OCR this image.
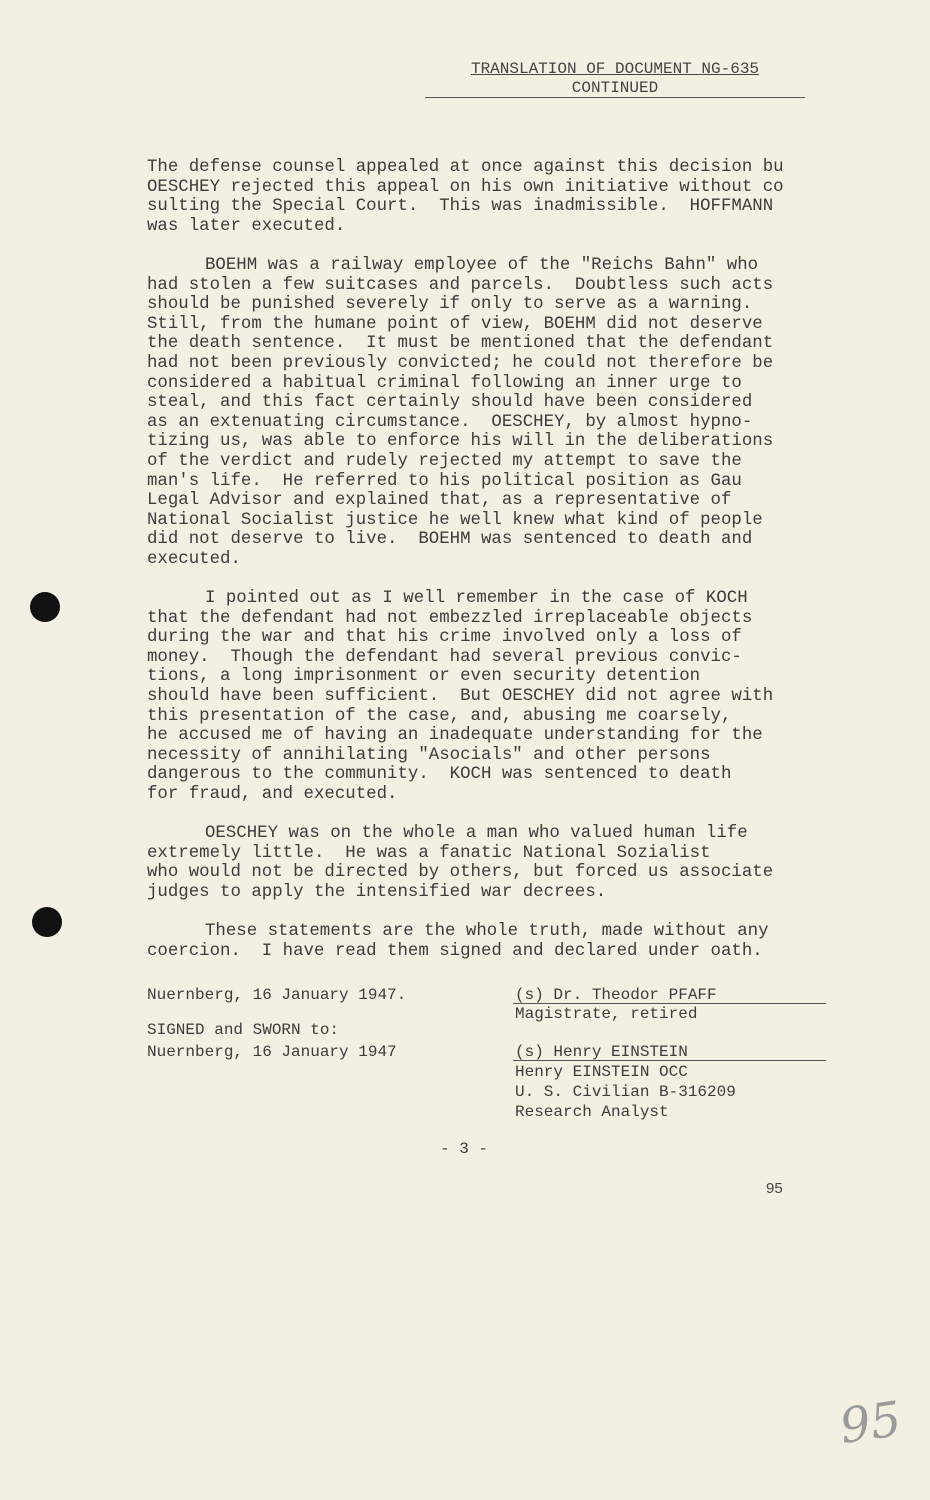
TRANSLATION OF DOCUMENT NG-635
CONTINUED
The defense counsel appealed at once against this decision bu
OESCHEY rejected this appeal on his own initiative without co
sulting the Special Court.  This was inadmissible.  HOFFMANN
was later executed.
BOEHM was a railway employee of the "Reichs Bahn" who
had stolen a few suitcases and parcels.  Doubtless such acts
should be punished severely if only to serve as a warning.
Still, from the humane point of view, BOEHM did not deserve
the death sentence.  It must be mentioned that the defendant
had not been previously convicted; he could not therefore be
considered a habitual criminal following an inner urge to
steal, and this fact certainly should have been considered
as an extenuating circumstance.  OESCHEY, by almost hypno-
tizing us, was able to enforce his will in the deliberations
of the verdict and rudely rejected my attempt to save the
man's life.  He referred to his political position as Gau
Legal Advisor and explained that, as a representative of
National Socialist justice he well knew what kind of people
did not deserve to live.  BOEHM was sentenced to death and
executed.
I pointed out as I well remember in the case of KOCH
that the defendant had not embezzled irreplaceable objects
during the war and that his crime involved only a loss of
money.  Though the defendant had several previous convic-
tions, a long imprisonment or even security detention
should have been sufficient.  But OESCHEY did not agree with
this presentation of the case, and, abusing me coarsely,
he accused me of having an inadequate understanding for the
necessity of annihilating "Asocials" and other persons
dangerous to the community.  KOCH was sentenced to death
for fraud, and executed.
OESCHEY was on the whole a man who valued human life
extremely little.  He was a fanatic National Sozialist
who would not be directed by others, but forced us associate
judges to apply the intensified war decrees.
These statements are the whole truth, made without any
coercion.  I have read them signed and declared under oath.
Nuernberg, 16 January 1947.	(s) Dr. Theodor PFAFF
Magistrate, retired
SIGNED and SWORN to:
Nuernberg, 16 January 1947	(s) Henry EINSTEIN
Henry EINSTEIN OCC
U. S. Civilian B-316209
Research Analyst
- 3 -
95
95
